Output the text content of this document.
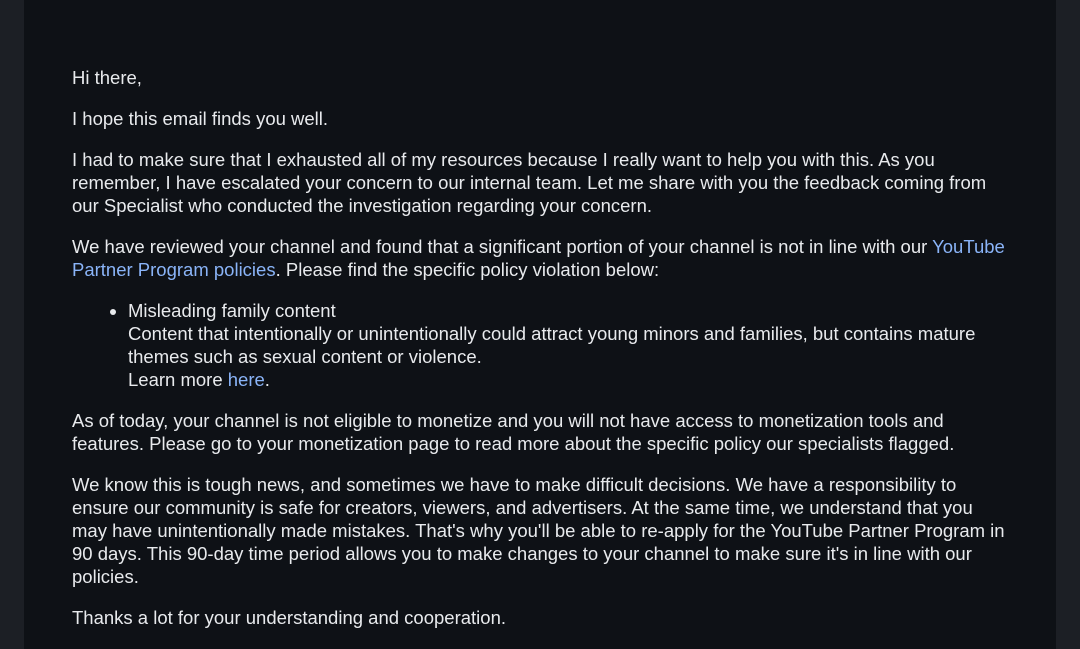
Hi there,

I hope this email finds you well.

I had to make sure that I exhausted all of my resources because I really want to help you with this. As you remember, I have escalated your concern to our internal team. Let me share with you the feedback coming from our Specialist who conducted the investigation regarding your concern.

We have reviewed your channel and found that a significant portion of your channel is not in line with our YouTube Partner Program policies. Please find the specific policy violation below:

• Misleading family content
Content that intentionally or unintentionally could attract young minors and families, but contains mature themes such as sexual content or violence.
Learn more here.

As of today, your channel is not eligible to monetize and you will not have access to monetization tools and features. Please go to your monetization page to read more about the specific policy our specialists flagged.

We know this is tough news, and sometimes we have to make difficult decisions. We have a responsibility to ensure our community is safe for creators, viewers, and advertisers. At the same time, we understand that you may have unintentionally made mistakes. That's why you'll be able to re-apply for the YouTube Partner Program in 90 days. This 90-day time period allows you to make changes to your channel to make sure it's in line with our policies.

Thanks a lot for your understanding and cooperation.
